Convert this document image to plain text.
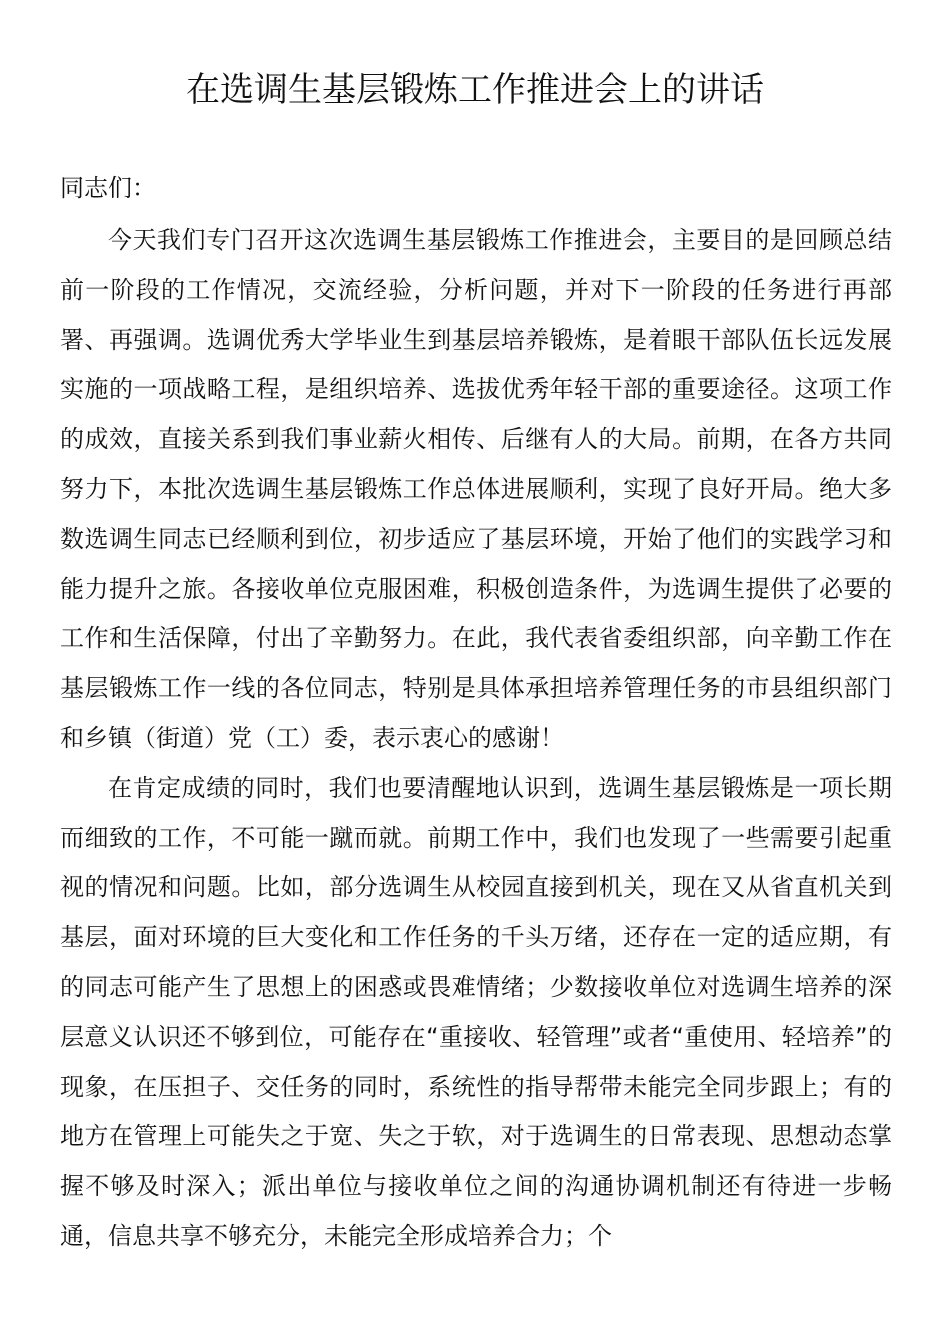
在选调生基层锻炼工作推进会上的讲话

同志们：

今天我们专门召开这次选调生基层锻炼工作推进会，主要目的是回顾总结前一阶段的工作情况，交流经验，分析问题，并对下一阶段的任务进行再部署、再强调。选调优秀大学毕业生到基层培养锻炼，是着眼干部队伍长远发展实施的一项战略工程，是组织培养、选拔优秀年轻干部的重要途径。这项工作的成效，直接关系到我们事业薪火相传、后继有人的大局。前期，在各方共同努力下，本批次选调生基层锻炼工作总体进展顺利，实现了良好开局。绝大多数选调生同志已经顺利到位，初步适应了基层环境，开始了他们的实践学习和能力提升之旅。各接收单位克服困难，积极创造条件，为选调生提供了必要的工作和生活保障，付出了辛勤努力。在此，我代表省委组织部，向辛勤工作在基层锻炼工作一线的各位同志，特别是具体承担培养管理任务的市县组织部门和乡镇（街道）党（工）委，表示衷心的感谢！

在肯定成绩的同时，我们也要清醒地认识到，选调生基层锻炼是一项长期而细致的工作，不可能一蹴而就。前期工作中，我们也发现了一些需要引起重视的情况和问题。比如，部分选调生从校园直接到机关，现在又从省直机关到基层，面对环境的巨大变化和工作任务的千头万绪，还存在一定的适应期，有的同志可能产生了思想上的困惑或畏难情绪；少数接收单位对选调生培养的深层意义认识还不够到位，可能存在“重接收、轻管理”或者“重使用、轻培养”的现象，在压担子、交任务的同时，系统性的指导帮带未能完全同步跟上；有的地方在管理上可能失之于宽、失之于软，对于选调生的日常表现、思想动态掌握不够及时深入；派出单位与接收单位之间的沟通协调机制还有待进一步畅通，信息共享不够充分，未能完全形成培养合力；个
